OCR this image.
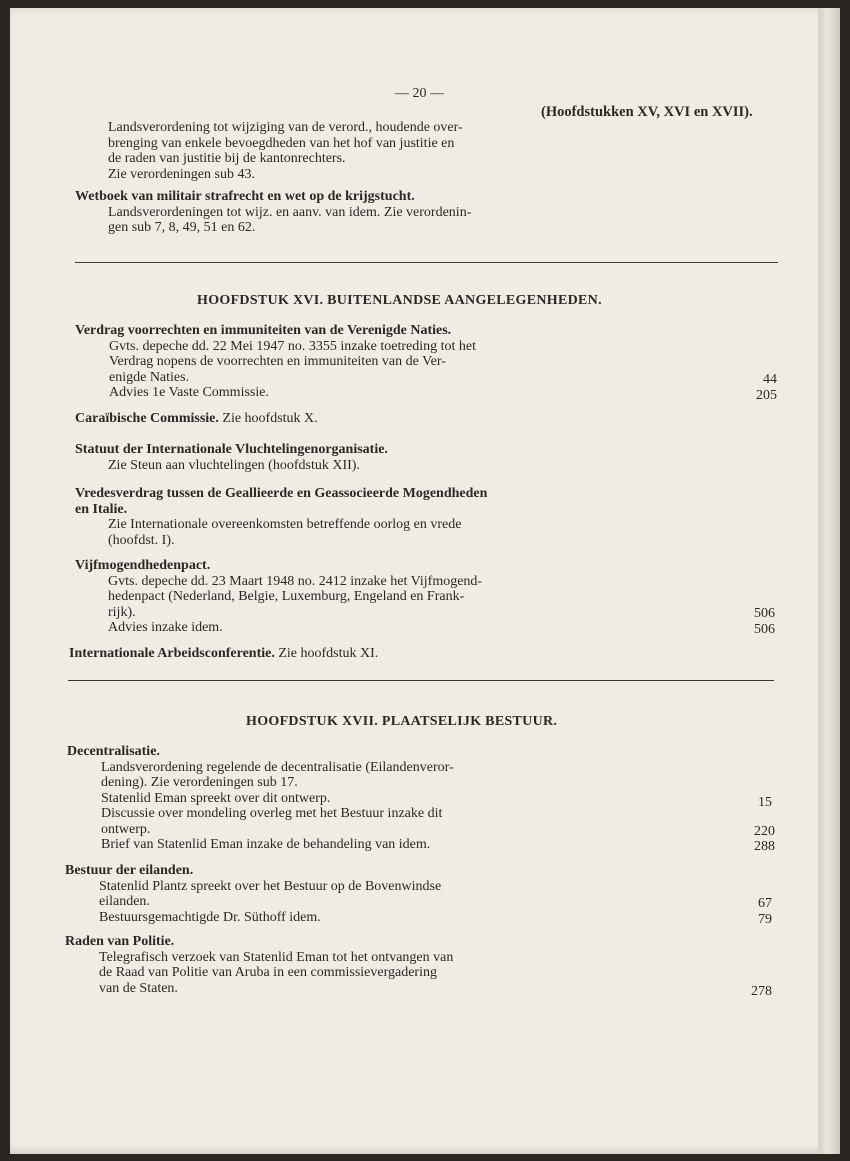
— 20 —
(Hoofdstukken XV, XVI en XVII).
Landsverordening tot wijziging van de verord., houdende over-
brenging van enkele bevoegdheden van het hof van justitie en
de raden van justitie bij de kantonrechters.
Zie verordeningen sub 43.
Wetboek van militair strafrecht en wet op de krijgstucht.
Landsverordeningen tot wijz. en aanv. van idem. Zie verordenin-
gen sub 7, 8, 49, 51 en 62.
HOOFDSTUK XVI. BUITENLANDSE AANGELEGENHEDEN.
Verdrag voorrechten en immuniteiten van de Verenigde Naties.
Gvts. depeche dd. 22 Mei 1947 no. 3355 inzake toetreding tot het
Verdrag nopens de voorrechten en immuniteiten van de Ver-
enigde Naties.
Advies 1e Vaste Commissie.
44
205
Caraïbische Commissie. Zie hoofdstuk X.
Statuut der Internationale Vluchtelingenorganisatie.
Zie Steun aan vluchtelingen (hoofdstuk XII).
Vredesverdrag tussen de Geallieerde en Geassocieerde Mogendheden
en Italie.
Zie Internationale overeenkomsten betreffende oorlog en vrede
(hoofdst. I).
Vijfmogendhedenpact.
Gvts. depeche dd. 23 Maart 1948 no. 2412 inzake het Vijfmogend-
hedenpact (Nederland, Belgie, Luxemburg, Engeland en Frank-
rijk).
Advies inzake idem.
506
506
Internationale Arbeidsconferentie. Zie hoofdstuk XI.
HOOFDSTUK XVII. PLAATSELIJK BESTUUR.
Decentralisatie.
Landsverordening regelende de decentralisatie (Eilandenveror-
dening). Zie verordeningen sub 17.
Statenlid Eman spreekt over dit ontwerp.
Discussie over mondeling overleg met het Bestuur inzake dit
ontwerp.
Brief van Statenlid Eman inzake de behandeling van idem.
15
220
288
Bestuur der eilanden.
Statenlid Plantz spreekt over het Bestuur op de Bovenwindse
eilanden.
Bestuursgemachtigde Dr. Süthoff idem.
67
79
Raden van Politie.
Telegrafisch verzoek van Statenlid Eman tot het ontvangen van
de Raad van Politie van Aruba in een commissievergadering
van de Staten.	278
